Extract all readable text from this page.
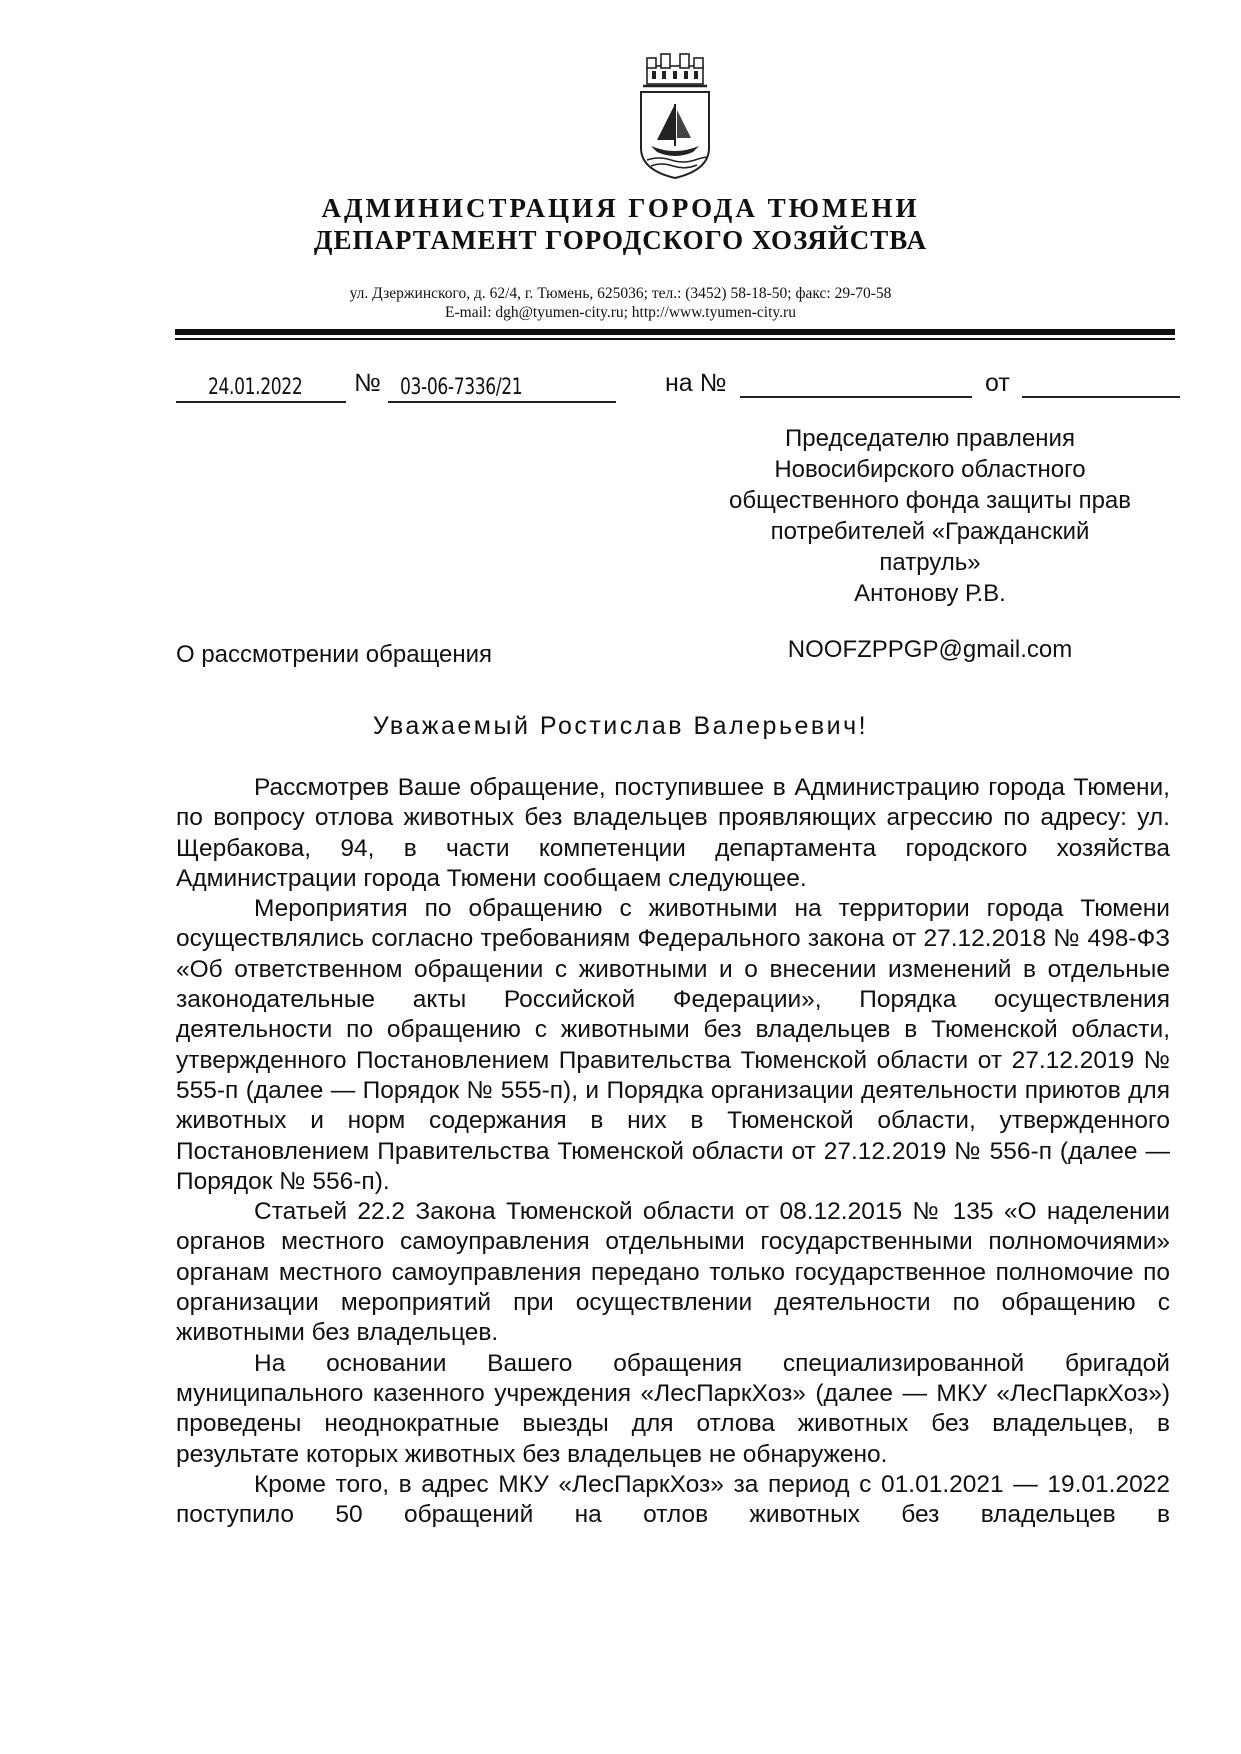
АДМИНИСТРАЦИЯ ГОРОДА ТЮМЕНИ
ДЕПАРТАМЕНТ ГОРОДСКОГО ХОЗЯЙСТВА
ул. Дзержинского, д. 62/4, г. Тюмень, 625036; тел.: (3452) 58-18-50; факс: 29-70-58
E-mail: dgh@tyumen-city.ru; http://www.tyumen-city.ru
24.01.2022	№ 03-06-7336/21	на №	от
Председателю правления
Новосибирского областного
общественного фонда защиты прав
потребителей «Гражданский
патруль»
Антонову Р.В.
О рассмотрении обращения	NOOFZPPGP@gmail.com
Уважаемый Ростислав Валерьевич!

Рассмотрев Ваше обращение, поступившее в Администрацию города Тюмени, по вопросу отлова животных без владельцев проявляющих агрессию по адресу: ул. Щербакова, 94, в части компетенции департамента городского хозяйства Администрации города Тюмени сообщаем следующее.

Мероприятия по обращению с животными на территории города Тюмени осуществлялись согласно требованиям Федерального закона от 27.12.2018 № 498-ФЗ «Об ответственном обращении с животными и о внесении изменений в отдельные законодательные акты Российской Федерации», Порядка осуществления деятельности по обращению с животными без владельцев в Тюменской области, утвержденного Постановлением Правительства Тюменской области от 27.12.2019 № 555-п (далее — Порядок № 555-п), и Порядка организации деятельности приютов для животных и норм содержания в них в Тюменской области, утвержденного Постановлением Правительства Тюменской области от 27.12.2019 № 556-п (далее — Порядок № 556-п).

Статьей 22.2 Закона Тюменской области от 08.12.2015 № 135 «О наделении органов местного самоуправления отдельными государственными полномочиями» органам местного самоуправления передано только государственное полномочие по организации мероприятий при осуществлении деятельности по обращению с животными без владельцев.

На основании Вашего обращения специализированной бригадой муниципального казенного учреждения «ЛесПаркХоз» (далее — МКУ «ЛесПаркХоз») проведены неоднократные выезды для отлова животных без владельцев, в результате которых животных без владельцев не обнаружено.

Кроме того, в адрес МКУ «ЛесПаркХоз» за период с 01.01.2021 — 19.01.2022 поступило 50 обращений на отлов животных без владельцев в
